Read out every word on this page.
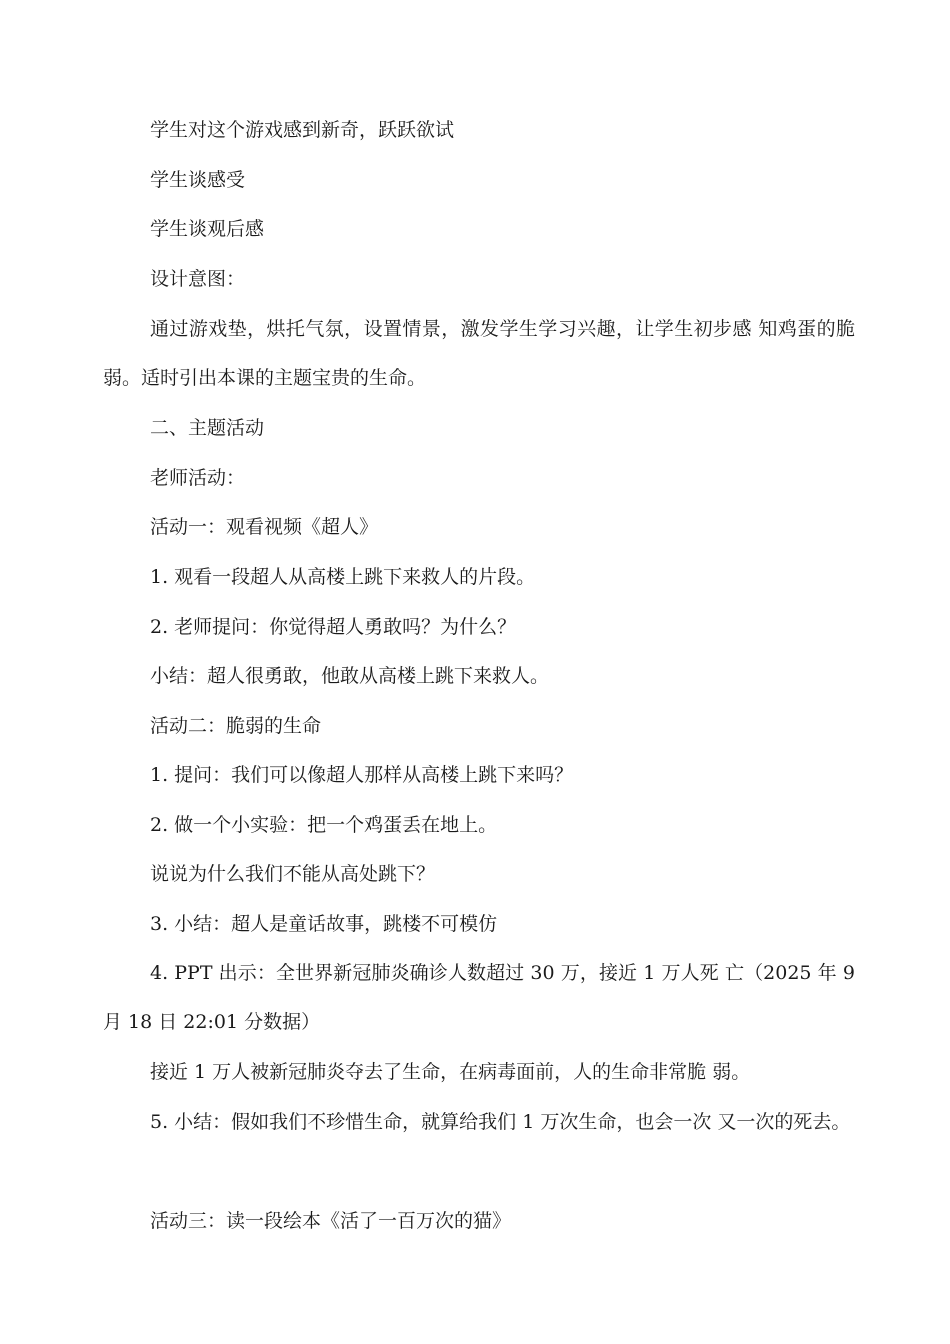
学生对这个游戏感到新奇，跃跃欲试

学生谈感受

学生谈观后感

设计意图：

通过游戏垫，烘托气氛，设置情景，激发学生学习兴趣，让学生初步感 知鸡蛋的脆弱。适时引出本课的主题宝贵的生命。

二、主题活动

老师活动：

活动一：观看视频《超人》

1. 观看一段超人从高楼上跳下来救人的片段。

2. 老师提问：你觉得超人勇敢吗？为什么？

小结：超人很勇敢，他敢从高楼上跳下来救人。

活动二：脆弱的生命

1. 提问：我们可以像超人那样从高楼上跳下来吗？

2. 做一个小实验：把一个鸡蛋丢在地上。

说说为什么我们不能从高处跳下？

3. 小结：超人是童话故事，跳楼不可模仿

4. PPT 出示：全世界新冠肺炎确诊人数超过 30 万，接近 1 万人死 亡（2025 年 9 月 18 日 22:01 分数据）

接近 1 万人被新冠肺炎夺去了生命，在病毒面前，人的生命非常脆 弱。

5. 小结：假如我们不珍惜生命，就算给我们 1 万次生命，也会一次 又一次的死去。

活动三：读一段绘本《活了一百万次的猫》
